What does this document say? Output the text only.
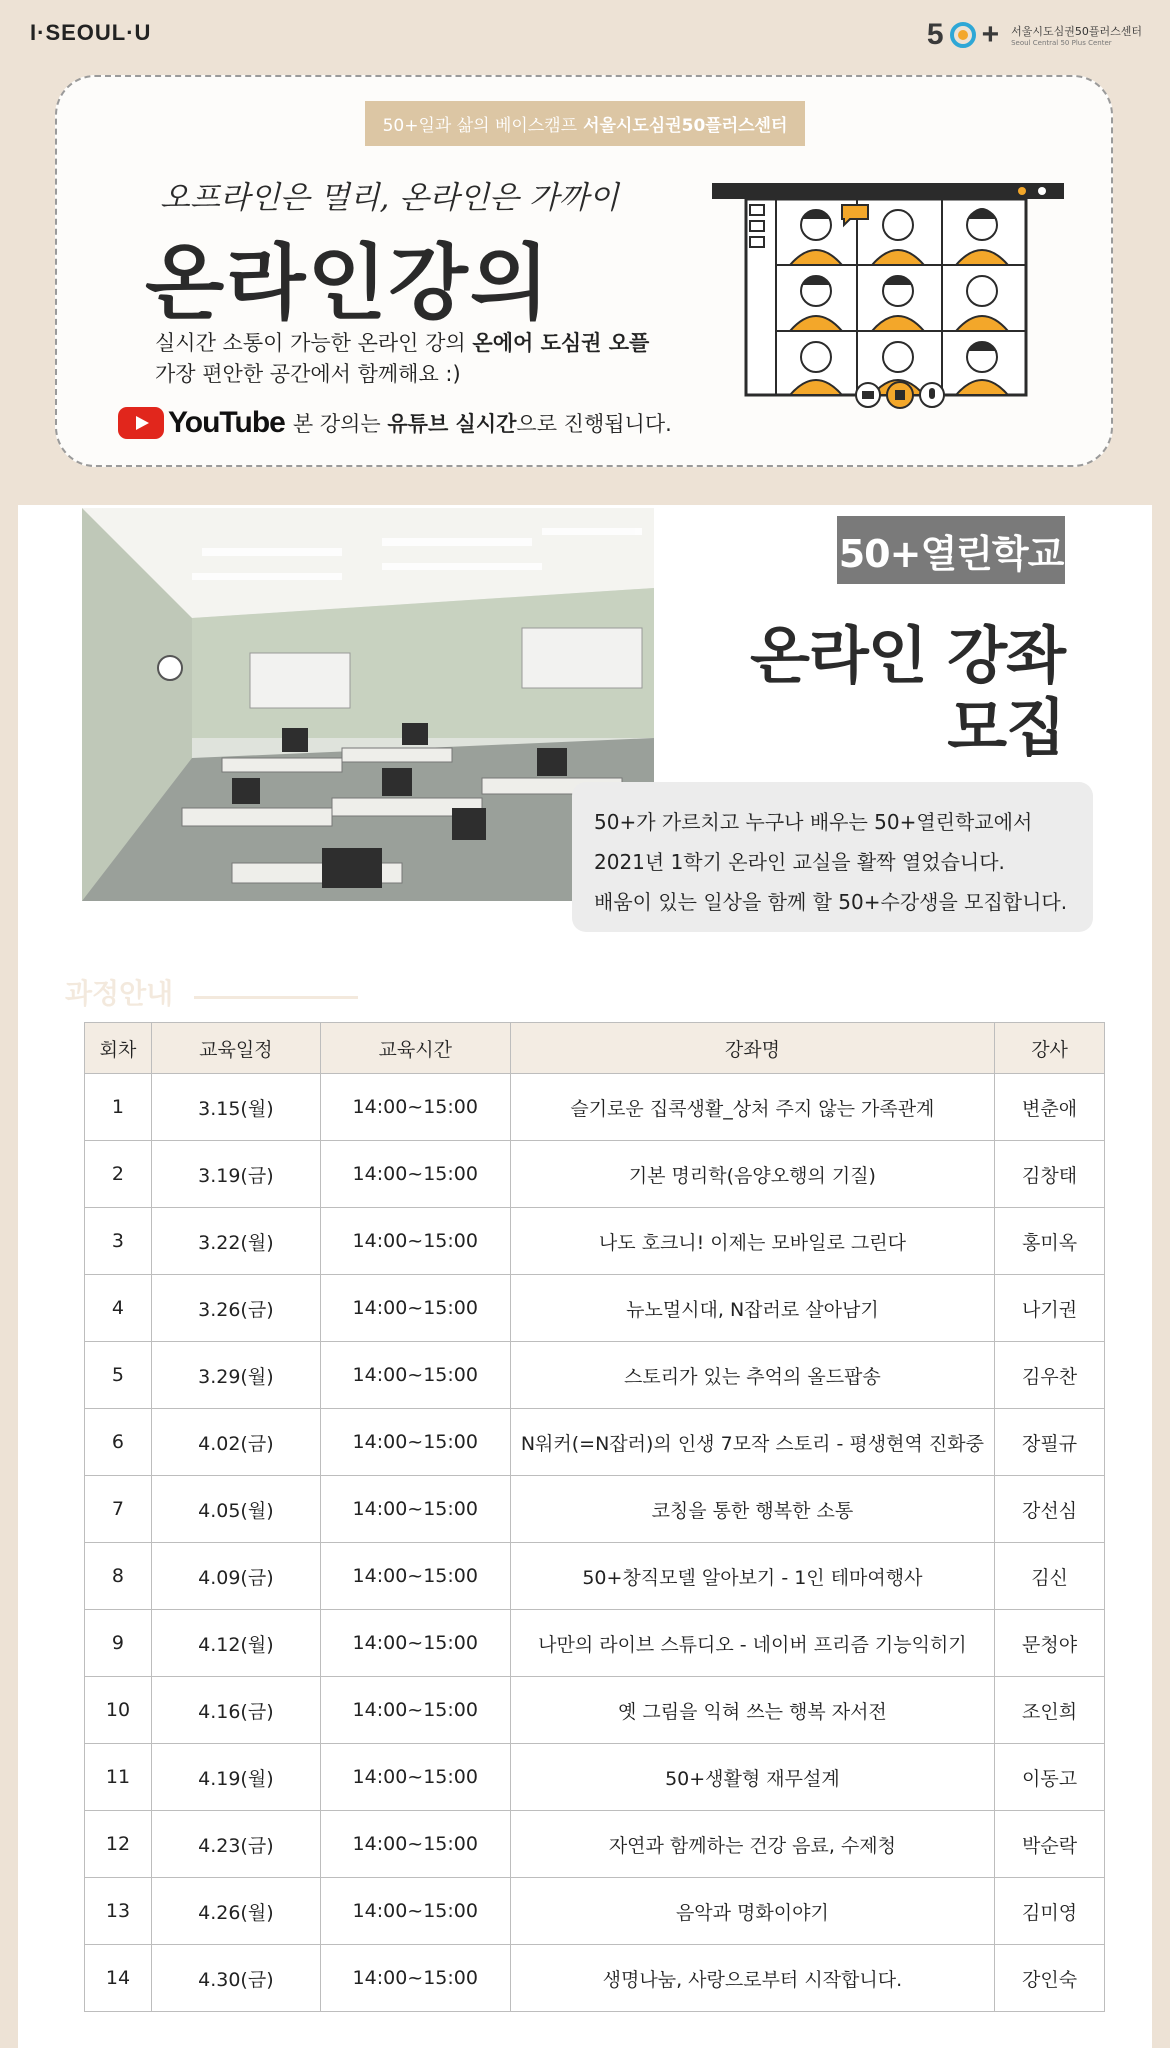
I·SEOUL·U	5 + 서울시도심권50플러스센터
Seoul Central 50 Plus Center
50+일과 삶의 베이스캠프 서울시도심권50플러스센터
오프라인은 멀리, 온라인은 가까이
온라인강의
실시간 소통이 가능한 온라인 강의 온에어 도심권 오플
가장 편안한 공간에서 함께해요 :)
YouTube 본 강의는 유튜브 실시간으로 진행됩니다.
50+열린학교
온라인 강좌
모집
50+가 가르치고 누구나 배우는 50+열린학교에서
2021년 1학기 온라인 교실을 활짝 열었습니다.
배움이 있는 일상을 함께 할 50+수강생을 모집합니다.
과정안내
회차	교육일정	교육시간	강좌명	강사
1	3.15(월)	14:00~15:00	슬기로운 집콕생활_상처 주지 않는 가족관계	변춘애
2	3.19(금)	14:00~15:00	기본 명리학(음양오행의 기질)	김창태
3	3.22(월)	14:00~15:00	나도 호크니! 이제는 모바일로 그린다	홍미옥
4	3.26(금)	14:00~15:00	뉴노멀시대, N잡러로 살아남기	나기권
5	3.29(월)	14:00~15:00	스토리가 있는 추억의 올드팝송	김우찬
6	4.02(금)	14:00~15:00	N워커(=N잡러)의 인생 7모작 스토리 - 평생현역 진화중	장필규
7	4.05(월)	14:00~15:00	코칭을 통한 행복한 소통	강선심
8	4.09(금)	14:00~15:00	50+창직모델 알아보기 - 1인 테마여행사	김신
9	4.12(월)	14:00~15:00	나만의 라이브 스튜디오 - 네이버 프리즘 기능익히기	문청야
10	4.16(금)	14:00~15:00	옛 그림을 익혀 쓰는 행복 자서전	조인희
11	4.19(월)	14:00~15:00	50+생활형 재무설계	이동고
12	4.23(금)	14:00~15:00	자연과 함께하는 건강 음료, 수제청	박순락
13	4.26(월)	14:00~15:00	음악과 명화이야기	김미영
14	4.30(금)	14:00~15:00	생명나눔, 사랑으로부터 시작합니다.	강인숙
